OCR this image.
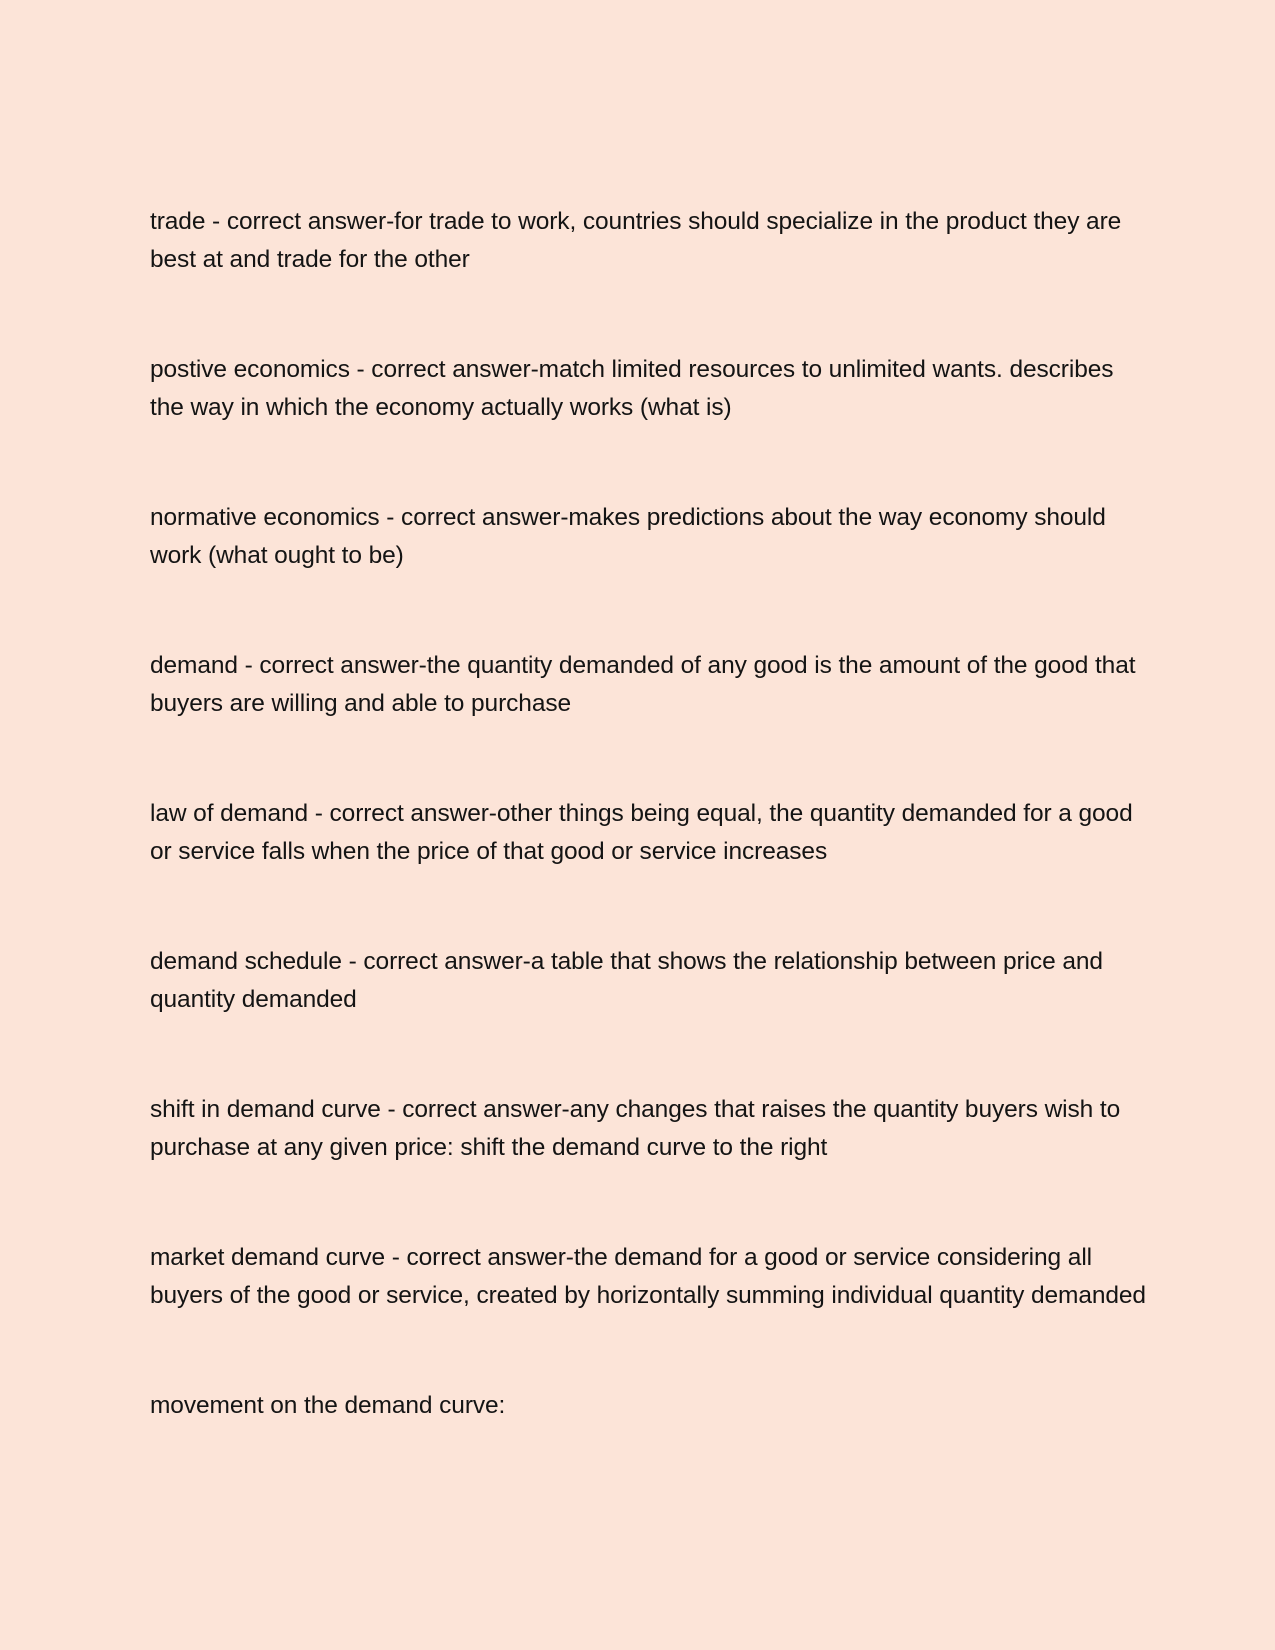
trade - correct answer-for trade to work, countries should specialize in the product they are best at and trade for the other

postive economics - correct answer-match limited resources to unlimited wants. describes the way in which the economy actually works (what is)

normative economics - correct answer-makes predictions about the way economy should work (what ought to be)

demand - correct answer-the quantity demanded of any good is the amount of the good that buyers are willing and able to purchase

law of demand - correct answer-other things being equal, the quantity demanded for a good or service falls when the price of that good or service increases

demand schedule - correct answer-a table that shows the relationship between price and quantity demanded

shift in demand curve - correct answer-any changes that raises the quantity buyers wish to purchase at any given price: shift the demand curve to the right

market demand curve - correct answer-the demand for a good or service considering all buyers of the good or service, created by horizontally summing individual quantity demanded

movement on the demand curve:
